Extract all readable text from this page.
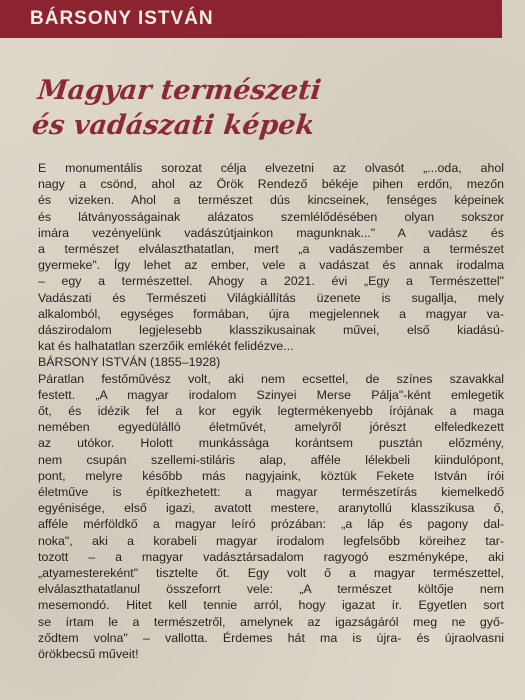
BÁRSONY ISTVÁN
Magyar természeti
és vadászati képek
E monumentális sorozat célja elvezetni az olvasót „...oda, ahol
nagy a csönd, ahol az Örök Rendező békéje pihen erdőn, mezőn
és vizeken. Ahol a természet dús kincseinek, fenséges képeinek
és látványosságainak alázatos szemlélődésében olyan sokszor
imára vezényelünk vadászútjainkon magunknak..." A vadász és
a természet elválaszthatatlan, mert „a vadászember a természet
gyermeke". Így lehet az ember, vele a vadászat és annak irodalma
– egy a természettel. Ahogy a 2021. évi „Egy a Természettel"
Vadászati és Természeti Világkiállítás üzenete is sugallja, mely
alkalomból, egységes formában, újra megjelennek a magyar va-
dászirodalom legjelesebb klasszikusainak művei, első kiadású-
kat és halhatatlan szerzőik emlékét felidézve...
BÁRSONY ISTVÁN (1855–1928)
Páratlan festőművész volt, aki nem ecsettel, de színes szavakkal
festett. „A magyar irodalom Szinyei Merse Pálja"-ként emlegetik
őt, és idézik fel a kor egyik legtermékenyebb írójának a maga
nemében egyedülálló életművét, amelyről jórészt elfeledkezett
az utókor. Holott munkássága korántsem pusztán előzmény,
nem csupán szellemi-stiláris alap, afféle lélekbeli kiindulópont,
pont, melyre később más nagyjaink, köztük Fekete István írói
életműve is építkezhetett: a magyar természetírás kiemelkedő
egyénisége, első igazi, avatott mestere, aranytollú klasszikusa ő,
afféle mérföldkő a magyar leíró prózában: „a láp és pagony dal-
noka", aki a korabeli magyar irodalom legfelsőbb köreihez tar-
tozott – a magyar vadásztársadalom ragyogó eszményképe, aki
„atyamestereként" tisztelte őt. Egy volt ő a magyar természettel,
elválaszthatatlanul összeforrt vele: „A természet költője nem
mesemondó. Hitet kell tennie arról, hogy igazat ír. Egyetlen sort
se írtam le a természetről, amelynek az igazságáról meg ne győ-
ződtem volna" – vallotta. Érdemes hát ma is újra- és újraolvasni
örökbecsű műveit!
